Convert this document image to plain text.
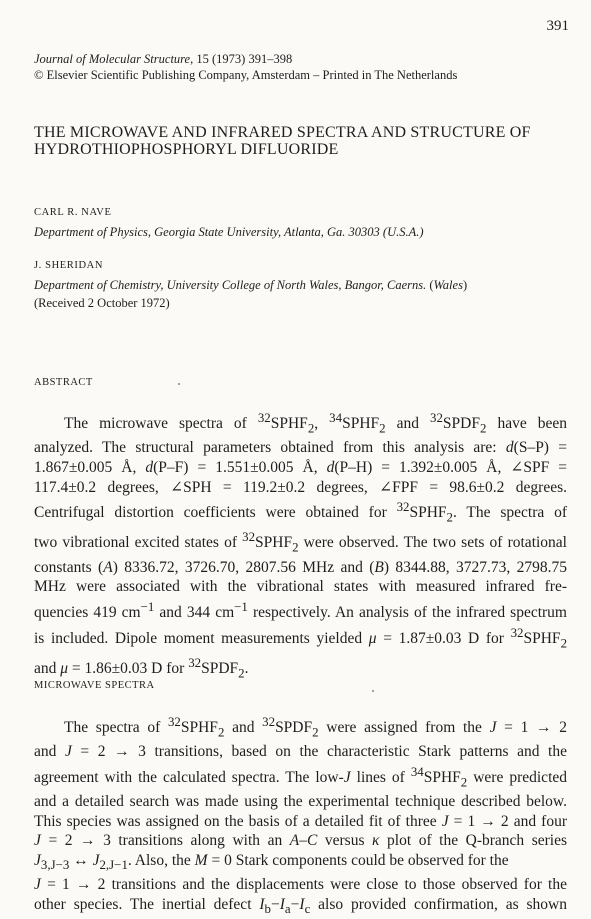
391
Journal of Molecular Structure, 15 (1973) 391–398
© Elsevier Scientific Publishing Company, Amsterdam – Printed in The Netherlands
THE MICROWAVE AND INFRARED SPECTRA AND STRUCTURE OF
HYDROTHIOPHOSPHORYL DIFLUORIDE
CARL R. NAVE
Department of Physics, Georgia State University, Atlanta, Ga. 30303 (U.S.A.)
J. SHERIDAN
Department of Chemistry, University College of North Wales, Bangor, Caerns. (Wales)
(Received 2 October 1972)
ABSTRACT
The microwave spectra of $^{32}SPHF_2$, $^{34}SPHF_2$ and $^{32}SPDF_2$ have been
analyzed. The structural parameters obtained from this analysis are: d(S–P) =
1.867±0.005 Å, d(P–F) = 1.551±0.005 Å, d(P–H) = 1.392±0.005 Å, ∠SPF =
117.4±0.2 degrees, ∠SPH = 119.2±0.2 degrees, ∠FPF = 98.6±0.2 degrees.
Centrifugal distortion coefficients were obtained for $^{32}SPHF_2$. The spectra of
two vibrational excited states of $^{32}SPHF_2$ were observed. The two sets of rotational
constants (A) 8336.72, 3726.70, 2807.56 MHz and (B) 8344.88, 3727.73, 2798.75
MHz were associated with the vibrational states with measured infrared fre-
quencies 419 $cm^{-1}$ and 344 $cm^{-1}$ respectively. An analysis of the infrared spectrum
is included. Dipole moment measurements yielded μ = 1.87±0.03 D for $^{32}SPHF_2$
and μ = 1.86±0.03 D for $^{32}SPDF_2$.
MICROWAVE SPECTRA
The spectra of $^{32}SPHF_2$ and $^{32}SPDF_2$ were assigned from the J = 1 → 2
and J = 2 → 3 transitions, based on the characteristic Stark patterns and the
agreement with the calculated spectra. The low-J lines of $^{34}SPHF_2$ were predicted
and a detailed search was made using the experimental technique described below.
This species was assigned on the basis of a detailed fit of three J = 1 → 2 and four
J = 2 → 3 transitions along with an A–C versus κ plot of the Q-branch series
$J_{3,J-3}$ ↔ $J_{2,J-1}$. Also, the M = 0 Stark components could be observed for the
J = 1 → 2 transitions and the displacements were close to those observed for the
other species. The inertial defect $I_b-I_a-I_c$ also provided confirmation, as shown
